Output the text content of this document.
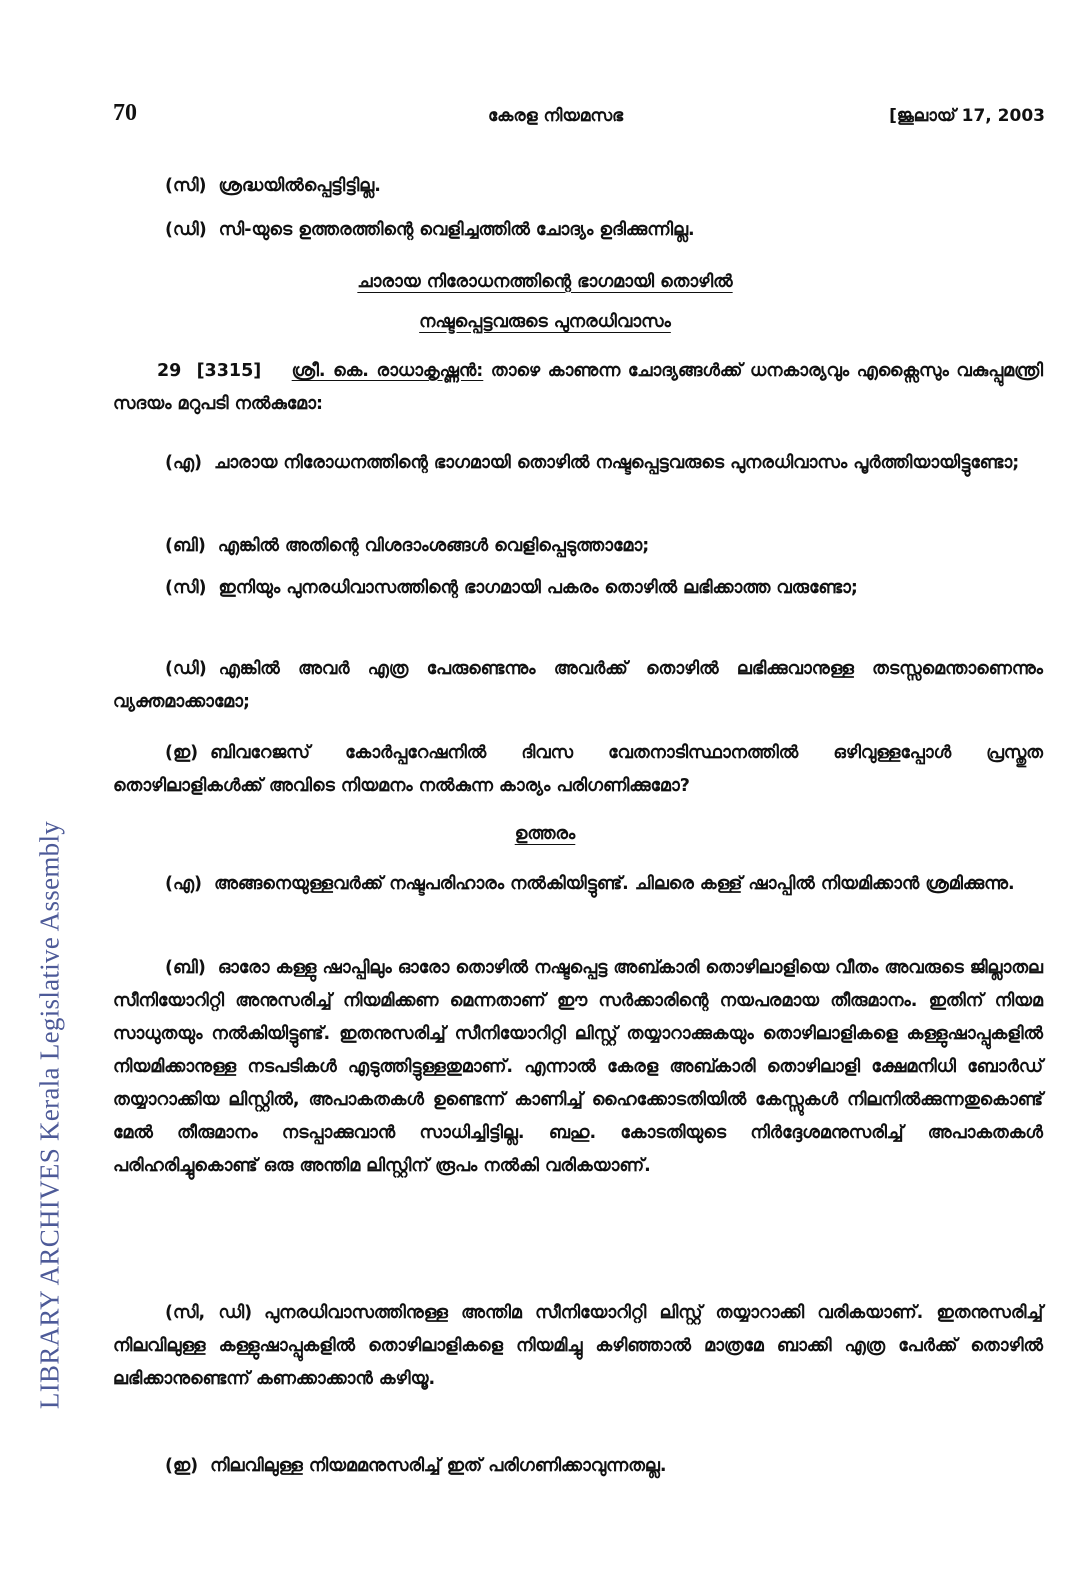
LIBRARY ARCHIVES Kerala Legislative Assembly
70	കേരള നിയമസഭ	[ജൂലായ് 17, 2003

(സി) ശ്രദ്ധയിൽപ്പെട്ടിട്ടില്ല.

(ഡി) സി-യുടെ ഉത്തരത്തിന്റെ വെളിച്ചത്തിൽ ചോദ്യം ഉദിക്കുന്നില്ല.

ചാരായ നിരോധനത്തിന്റെ ഭാഗമായി തൊഴിൽ
നഷ്ടപ്പെട്ടവരുടെ പുനരധിവാസം

29 [3315] ശ്രീ. കെ. രാധാകൃഷ്ണൻ: താഴെ കാണുന്ന ചോദ്യങ്ങൾക്ക് ധനകാര്യവും എക്സൈസും വകുപ്പുമന്ത്രി സദയം മറുപടി നൽകുമോ:

(എ) ചാരായ നിരോധനത്തിന്റെ ഭാഗമായി തൊഴിൽ നഷ്ടപ്പെട്ടവരുടെ പുനരധിവാസം പൂർത്തിയായിട്ടുണ്ടോ;

(ബി) എങ്കിൽ അതിന്റെ വിശദാംശങ്ങൾ വെളിപ്പെടുത്താമോ;

(സി) ഇനിയും പുനരധിവാസത്തിന്റെ ഭാഗമായി പകരം തൊഴിൽ ലഭിക്കാത്ത വരുണ്ടോ;

(ഡി) എങ്കിൽ അവർ എത്ര പേരുണ്ടെന്നും അവർക്ക് തൊഴിൽ ലഭിക്കുവാനുള്ള തടസ്സമെന്താണെന്നും വ്യക്തമാക്കാമോ;

(ഇ) ബിവറേജസ് കോർപ്പറേഷനിൽ ദിവസ വേതനാടിസ്ഥാനത്തിൽ ഒഴിവുള്ളപ്പോൾ പ്രസ്തുത തൊഴിലാളികൾക്ക് അവിടെ നിയമനം നൽകുന്ന കാര്യം പരിഗണിക്കുമോ?

ഉത്തരം

(എ) അങ്ങനെയുള്ളവർക്ക് നഷ്ടപരിഹാരം നൽകിയിട്ടുണ്ട്. ചിലരെ കള്ള് ഷാപ്പിൽ നിയമിക്കാൻ ശ്രമിക്കുന്നു.

(ബി) ഓരോ കള്ളു ഷാപ്പിലും ഓരോ തൊഴിൽ നഷ്ടപ്പെട്ട അബ്കാരി തൊഴിലാളിയെ വീതം അവരുടെ ജില്ലാതല സീനിയോറിറ്റി അനുസരിച്ച് നിയമിക്കണ മെന്നതാണ് ഈ സർക്കാരിന്റെ നയപരമായ തീരുമാനം. ഇതിന് നിയമ സാധുതയും നൽകിയിട്ടുണ്ട്. ഇതനുസരിച്ച് സീനിയോറിറ്റി ലിസ്റ്റ് തയ്യാറാക്കുകയും തൊഴിലാളികളെ കള്ളുഷാപ്പുകളിൽ നിയമിക്കാനുള്ള നടപടികൾ എടുത്തിട്ടുള്ളതുമാണ്. എന്നാൽ കേരള അബ്കാരി തൊഴിലാളി ക്ഷേമനിധി ബോർഡ് തയ്യാറാക്കിയ ലിസ്റ്റിൽ, അപാകതകൾ ഉണ്ടെന്ന് കാണിച്ച് ഹൈക്കോടതിയിൽ കേസ്സുകൾ നിലനിൽക്കുന്നതുകൊണ്ട് മേൽ തീരുമാനം നടപ്പാക്കുവാൻ സാധിച്ചിട്ടില്ല. ബഹു. കോടതിയുടെ നിർദ്ദേശമനുസരിച്ച് അപാകതകൾ പരിഹരിച്ചുകൊണ്ട് ഒരു അന്തിമ ലിസ്റ്റിന് രൂപം നൽകി വരികയാണ്.

(സി, ഡി) പുനരധിവാസത്തിനുള്ള അന്തിമ സീനിയോറിറ്റി ലിസ്റ്റ് തയ്യാറാക്കി വരികയാണ്. ഇതനുസരിച്ച് നിലവിലുള്ള കള്ളുഷാപ്പുകളിൽ തൊഴിലാളികളെ നിയമിച്ചു കഴിഞ്ഞാൽ മാത്രമേ ബാക്കി എത്ര പേർക്ക് തൊഴിൽ ലഭിക്കാനുണ്ടെന്ന് കണക്കാക്കാൻ കഴിയൂ.

(ഇ) നിലവിലുള്ള നിയമമനുസരിച്ച് ഇത് പരിഗണിക്കാവുന്നതല്ല.
